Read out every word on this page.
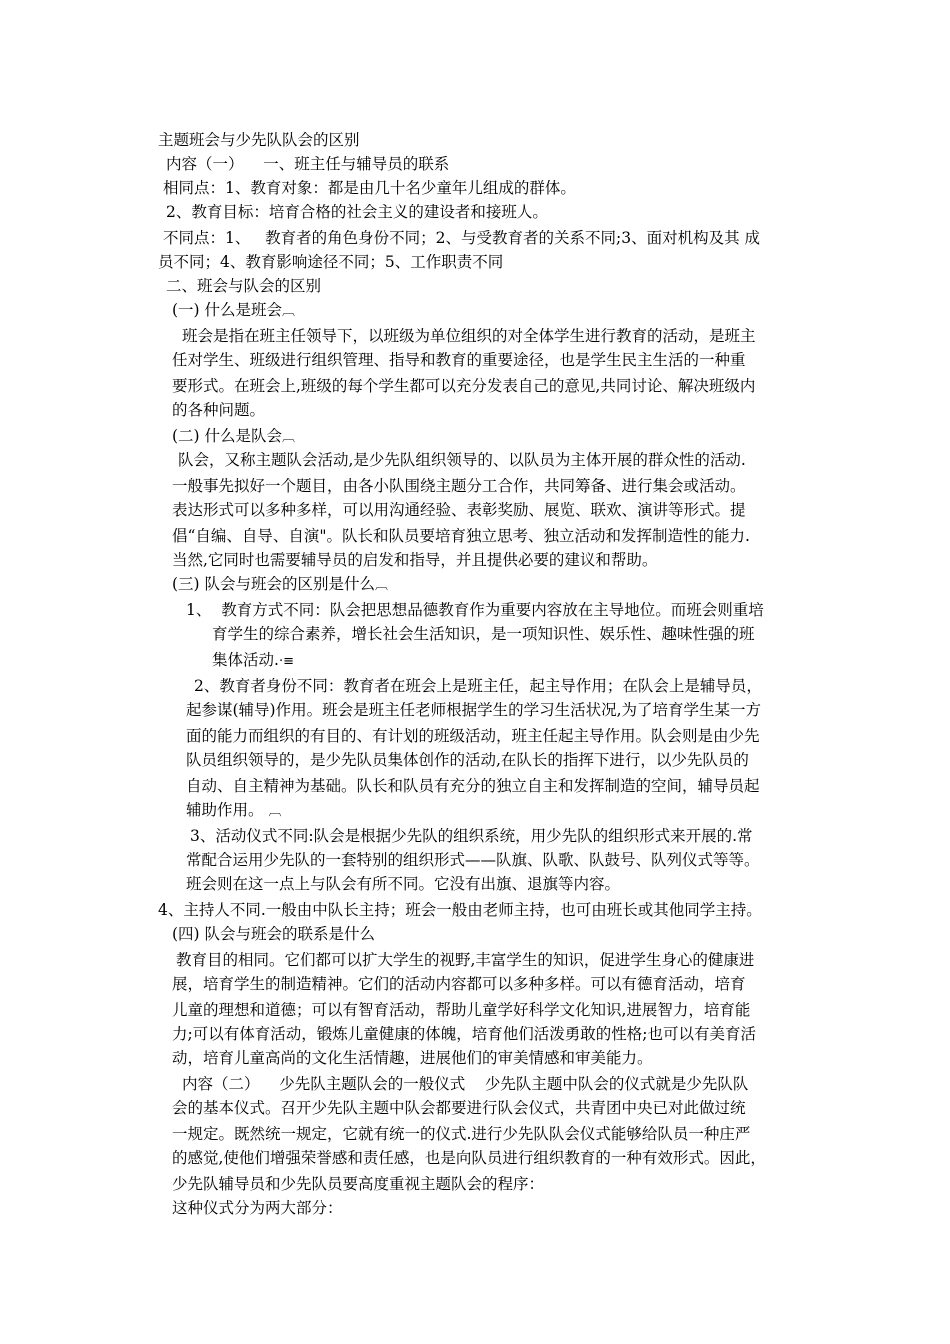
主题班会与少先队队会的区别
内容（一）    一、班主任与辅导员的联系
相同点：1、教育对象：都是由几十名少童年儿组成的群体。
2、教育目标：培育合格的社会主义的建设者和接班人。
不同点：1、   教育者的角色身份不同；2、与受教育者的关系不同;3、面对机构及其 成
员不同；4、教育影响途径不同；5、工作职责不同
二、班会与队会的区别
(一) 什么是班会︹
班会是指在班主任领导下，以班级为单位组织的对全体学生进行教育的活动，是班主
任对学生、班级进行组织管理、指导和教育的重要途径，也是学生民主生活的一种重
要形式。在班会上,班级的每个学生都可以充分发表自己的意见,共同讨论、解决班级内
的各种问题。
(二) 什么是队会︹
队会，又称主题队会活动,是少先队组织领导的、以队员为主体开展的群众性的活动.
一般事先拟好一个题目，由各小队围绕主题分工合作，共同筹备、进行集会或活动。
表达形式可以多种多样，可以用沟通经验、表彰奖励、展览、联欢、演讲等形式。提
倡“自编、自导、自演"。队长和队员要培育独立思考、独立活动和发挥制造性的能力.
当然,它同时也需要辅导员的启发和指导，并且提供必要的建议和帮助。
(三) 队会与班会的区别是什么︹
1、  教育方式不同：队会把思想品德教育作为重要内容放在主导地位。而班会则重培
育学生的综合素养，增长社会生活知识，是一项知识性、娱乐性、趣味性强的班
集体活动.·≡
2、教育者身份不同：教育者在班会上是班主任，起主导作用；在队会上是辅导员，
起参谋(辅导)作用。班会是班主任老师根据学生的学习生活状况,为了培育学生某一方
面的能力而组织的有目的、有计划的班级活动，班主任起主导作用。队会则是由少先
队员组织领导的，是少先队员集体创作的活动,在队长的指挥下进行，以少先队员的
自动、自主精神为基础。队长和队员有充分的独立自主和发挥制造的空间，辅导员起
辅助作用。 ︹
3、活动仪式不同:队会是根据少先队的组织系统，用少先队的组织形式来开展的.常
常配合运用少先队的一套特别的组织形式——队旗、队歌、队鼓号、队列仪式等等。
班会则在这一点上与队会有所不同。它没有出旗、退旗等内容。
4、主持人不同.一般由中队长主持；班会一般由老师主持，也可由班长或其他同学主持。
(四) 队会与班会的联系是什么
教育目的相同。它们都可以扩大学生的视野,丰富学生的知识，促进学生身心的健康进
展，培育学生的制造精神。它们的活动内容都可以多种多样。可以有德育活动，培育
儿童的理想和道德；可以有智育活动，帮助儿童学好科学文化知识,进展智力，培育能
力;可以有体育活动，锻炼儿童健康的体魄，培育他们活泼勇敢的性格;也可以有美育活
动，培育儿童高尚的文化生活情趣，进展他们的审美情感和审美能力。
内容（二）    少先队主题队会的一般仪式    少先队主题中队会的仪式就是少先队队
会的基本仪式。召开少先队主题中队会都要进行队会仪式，共青团中央已对此做过统
一规定。既然统一规定，它就有统一的仪式.进行少先队队会仪式能够给队员一种庄严
的感觉,使他们增强荣誉感和责任感，也是向队员进行组织教育的一种有效形式。因此，
少先队辅导员和少先队员要高度重视主题队会的程序：
这种仪式分为两大部分：
